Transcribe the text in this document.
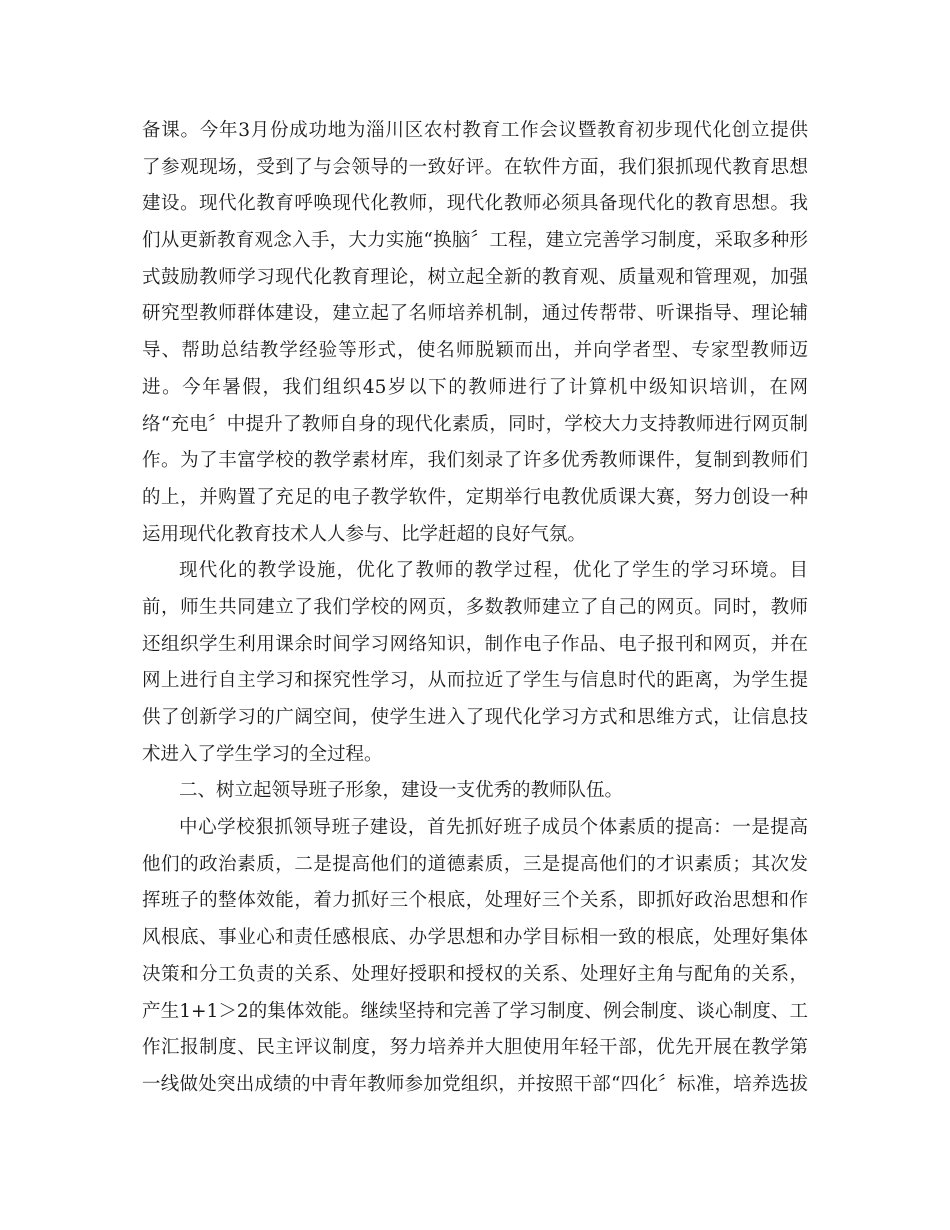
备课。今年3月份成功地为淄川区农村教育工作会议暨教育初步现代化创立提供
了参观现场，受到了与会领导的一致好评。在软件方面，我们狠抓现代教育思想
建设。现代化教育呼唤现代化教师，现代化教师必须具备现代化的教育思想。我
们从更新教育观念入手，大力实施“换脑〞工程，建立完善学习制度，采取多种形
式鼓励教师学习现代化教育理论，树立起全新的教育观、质量观和管理观，加强
研究型教师群体建设，建立起了名师培养机制，通过传帮带、听课指导、理论辅
导、帮助总结教学经验等形式，使名师脱颖而出，并向学者型、专家型教师迈
进。今年暑假，我们组织45岁以下的教师进行了计算机中级知识培训，在网
络“充电〞中提升了教师自身的现代化素质，同时，学校大力支持教师进行网页制
作。为了丰富学校的教学素材库，我们刻录了许多优秀教师课件，复制到教师们
的上，并购置了充足的电子教学软件，定期举行电教优质课大赛，努力创设一种
运用现代化教育技术人人参与、比学赶超的良好气氛。
现代化的教学设施，优化了教师的教学过程，优化了学生的学习环境。目
前，师生共同建立了我们学校的网页，多数教师建立了自己的网页。同时，教师
还组织学生利用课余时间学习网络知识，制作电子作品、电子报刊和网页，并在
网上进行自主学习和探究性学习，从而拉近了学生与信息时代的距离，为学生提
供了创新学习的广阔空间，使学生进入了现代化学习方式和思维方式，让信息技
术进入了学生学习的全过程。
二、树立起领导班子形象，建设一支优秀的教师队伍。
中心学校狠抓领导班子建设，首先抓好班子成员个体素质的提高：一是提高
他们的政治素质，二是提高他们的道德素质，三是提高他们的才识素质；其次发
挥班子的整体效能，着力抓好三个根底，处理好三个关系，即抓好政治思想和作
风根底、事业心和责任感根底、办学思想和办学目标相一致的根底，处理好集体
决策和分工负责的关系、处理好授职和授权的关系、处理好主角与配角的关系，
产生1+1＞2的集体效能。继续坚持和完善了学习制度、例会制度、谈心制度、工
作汇报制度、民主评议制度，努力培养并大胆使用年轻干部，优先开展在教学第
一线做处突出成绩的中青年教师参加党组织，并按照干部“四化〞标准，培养选拔
